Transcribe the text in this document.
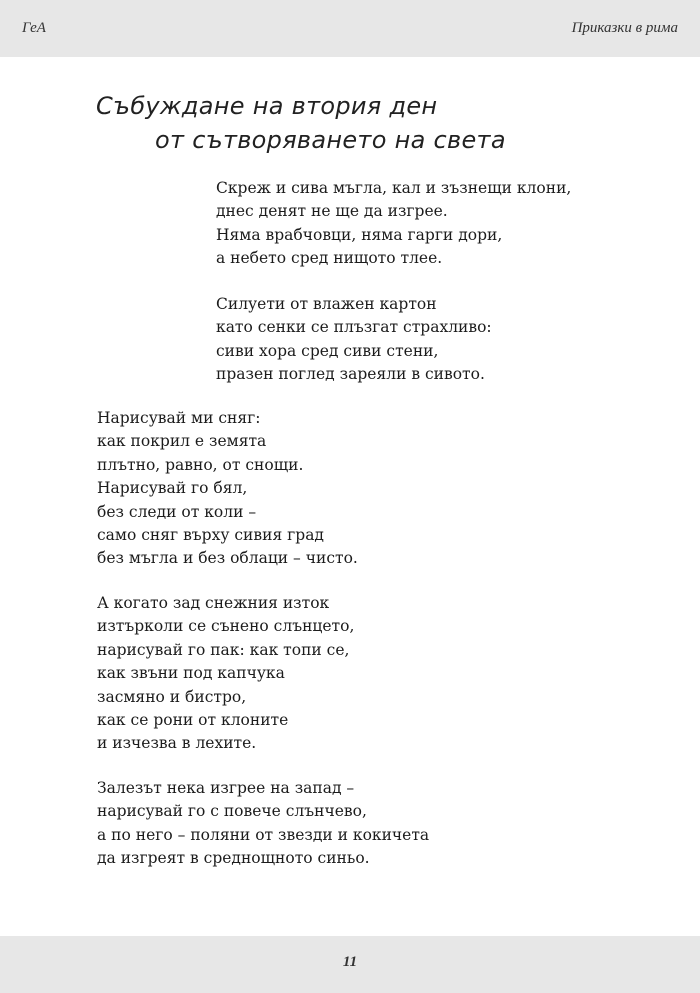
ГеА	Приказки в рима
Събуждане на втория ден
от сътворяването на света
Скреж и сива мъгла, кал и зъзнещи клони,
днес денят не ще да изгрее.
Няма врабчовци, няма гарги дори,
а небето сред нищото тлее.
Силуети от влажен картон
като сенки се плъзгат страхливо:
сиви хора сред сиви стени,
празен поглед зареяли в сивото.
Нарисувай ми сняг:
как покрил е земята
плътно, равно, от снощи.
Нарисувай го бял,
без следи от коли –
само сняг върху сивия град
без мъгла и без облаци – чисто.
А когато зад снежния изток
изтърколи се сънено слънцето,
нарисувай го пак: как топи се,
как звъни под капчука
засмяно и бистро,
как се рони от клоните
и изчезва в лехите.
Залезът нека изгрее на запад –
нарисувай го с повече слънчево,
а по него – поляни от звезди и кокичета
да изгреят в среднощното синьо.
11
